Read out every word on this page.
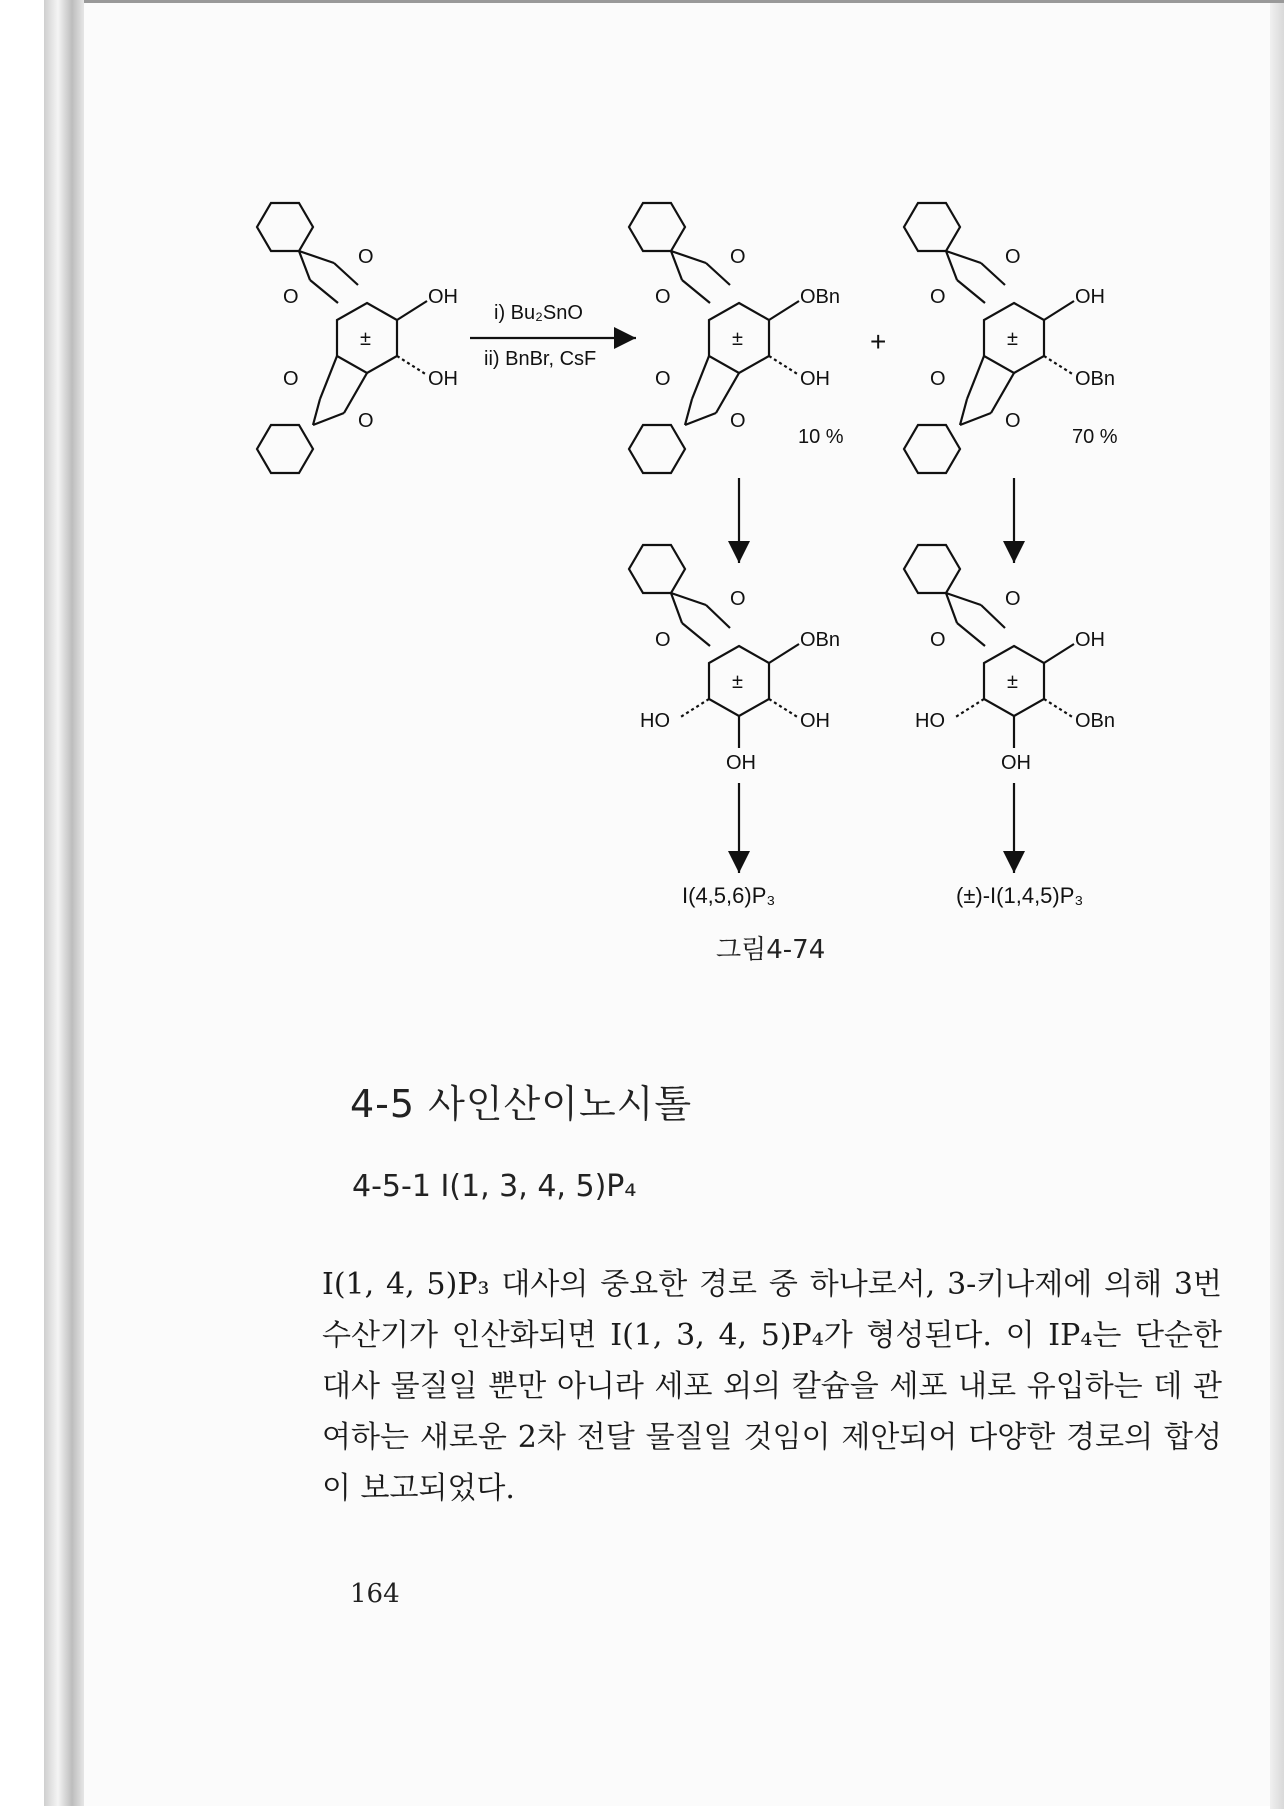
O
O
O
O
±
OH
OH
i) Bu₂SnO
ii) BnBr, CsF
+
O
O
O
O
±
OBn
OH
10 %
O
O
O
O
±
OH
OBn
70 %
O
O
±
OBn
OH
HO
OH
O
O
±
OH
OBn
HO
OH
I(4,5,6)P₃	(±)-I(1,4,5)P₃
그림4-74
4-5 사인산이노시톨
4-5-1 I(1, 3, 4, 5)P₄
I(1, 4, 5)P₃ 대사의 중요한 경로 중 하나로서, 3-키나제에 의해 3번 수산기가 인산화되면 I(1, 3, 4, 5)P₄가 형성된다. 이 IP₄는 단순한 대사 물질일 뿐만 아니라 세포 외의 칼슘을 세포 내로 유입하는 데 관여하는 새로운 2차 전달 물질일 것임이 제안되어 다양한 경로의 합성이 보고되었다.
164
